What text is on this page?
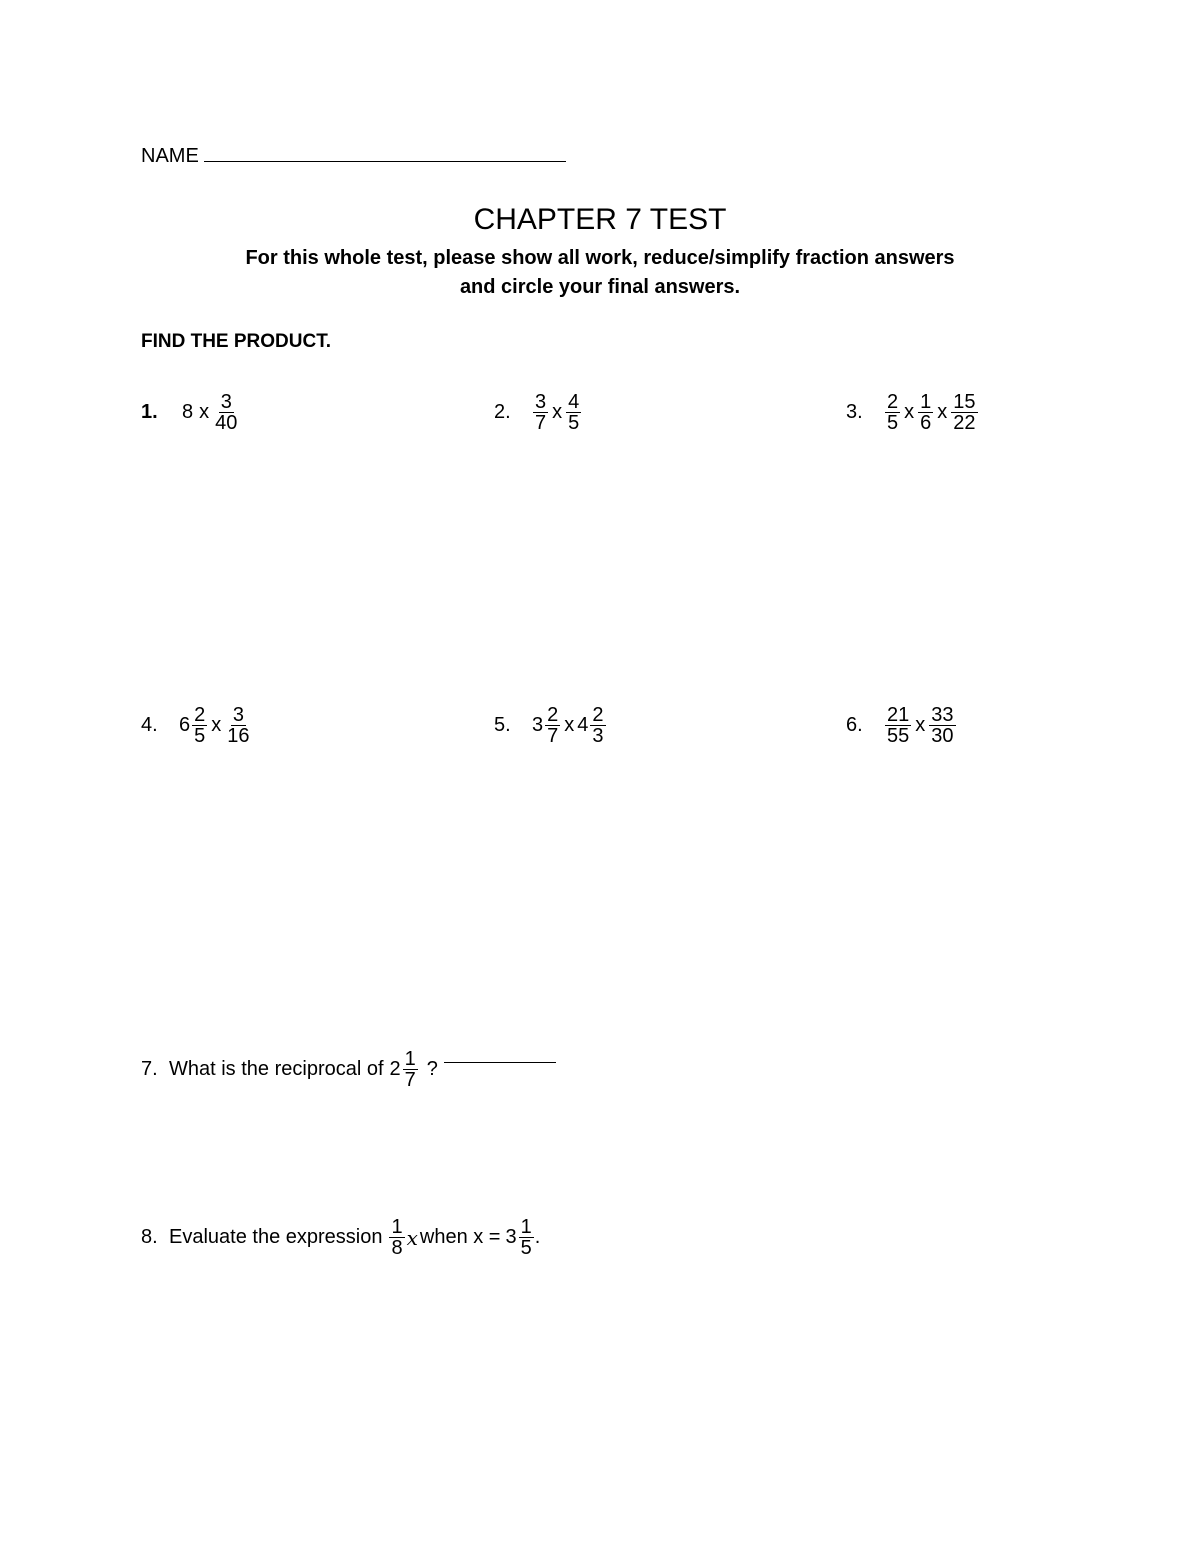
NAME
CHAPTER 7 TEST
For this whole test, please show all work, reduce/simplify fraction answers
and circle your final answers.
FIND THE PRODUCT.
1.	8 x $\frac{3}{40}$	2.	$\frac{3}{7}$ x $\frac{4}{5}$	3.	$\frac{2}{5}$ x $\frac{1}{6}$ x $\frac{15}{22}$
4.	$6 \frac{2}{5}$ x $\frac{3}{16}$	5.	$3 \frac{2}{7}$ x $4 \frac{2}{3}$	6.	$\frac{21}{55}$ x $\frac{33}{30}$
7. What is the reciprocal of $2 \frac{1}{7}$ ?
8. Evaluate the expression $\frac{1}{8}$ x when $x = 3 \frac{1}{5}$ .
